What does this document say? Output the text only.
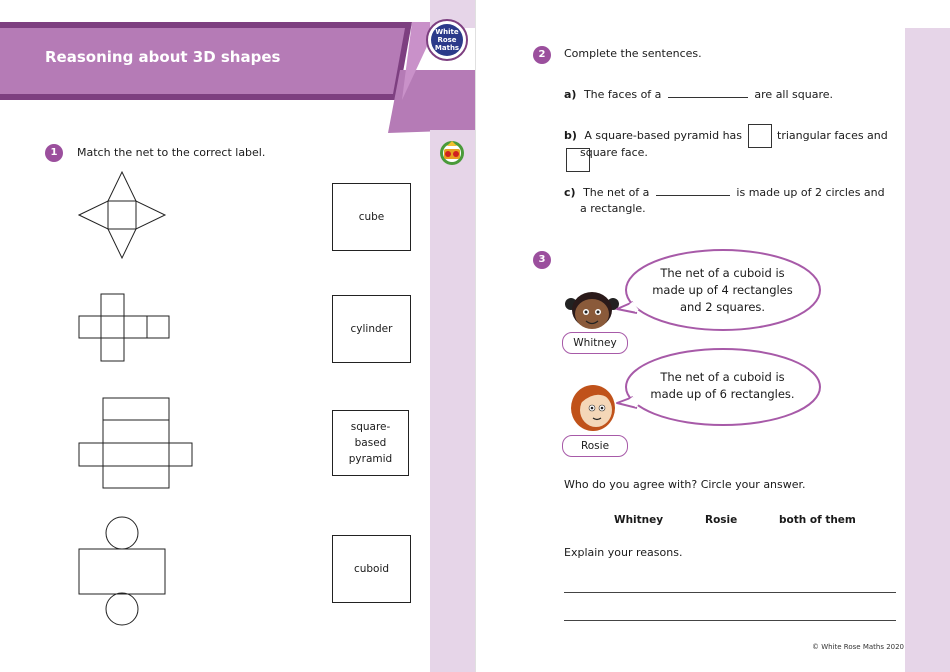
Reasoning about 3D shapes
White
Rose
Maths
1	Match the net to the correct label.
cube
cylinder
square-based pyramid
cuboid
2	Complete the sentences.
a) The faces of a	are all square.
b) A square-based pyramid has	triangular faces and
square face.
c) The net of a	is made up of 2 circles and
a rectangle.
3
Whitney
The net of a cuboid is
made up of 4 rectangles
and 2 squares.
Rosie
The net of a cuboid is
made up of 6 rectangles.
Who do you agree with? Circle your answer.
Whitney	Rosie	both of them
Explain your reasons.
© White Rose Maths 2020
